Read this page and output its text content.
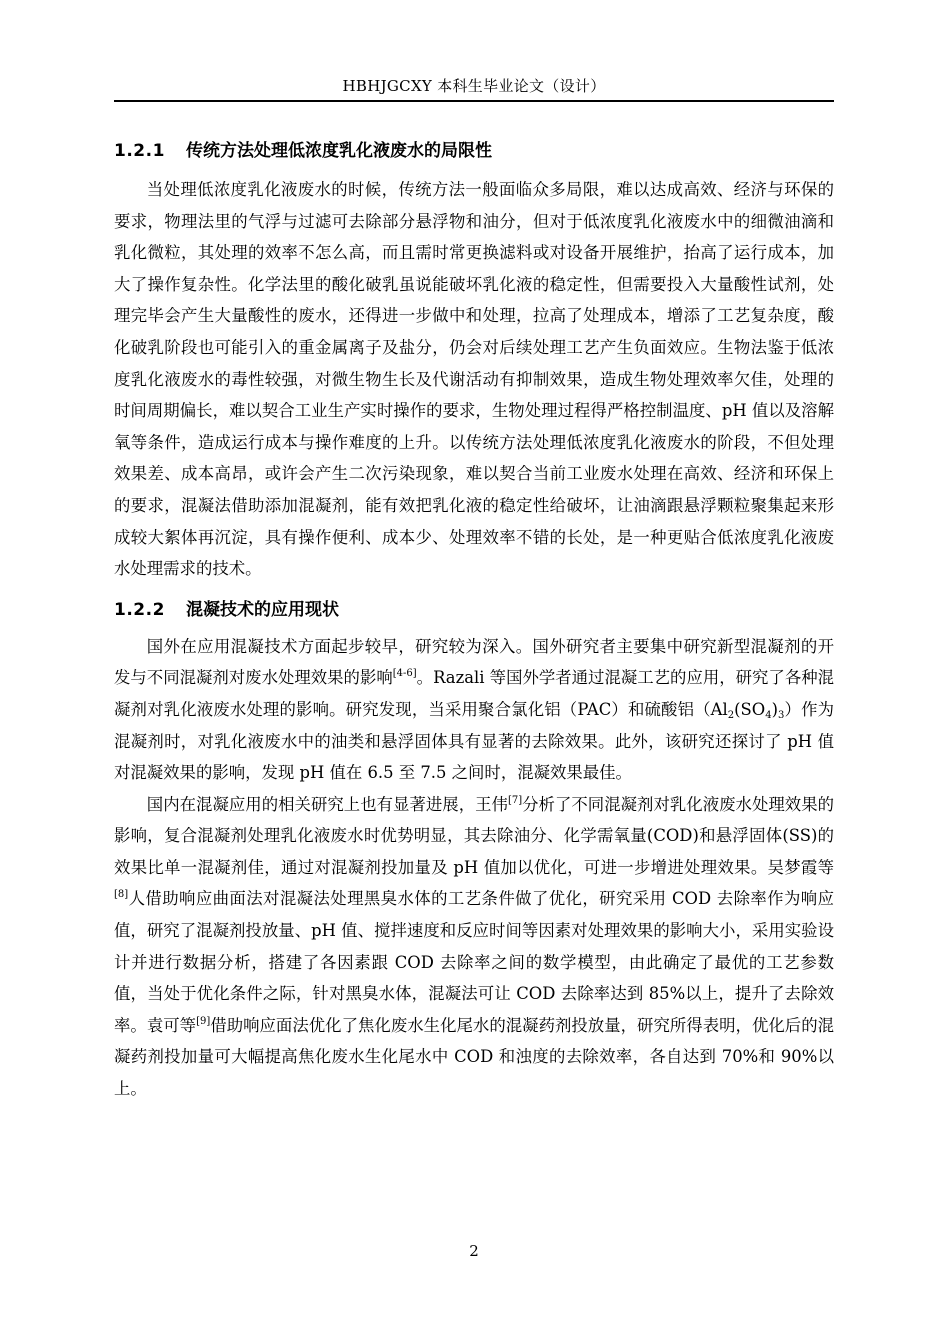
HBHJGCXY 本科生毕业论文（设计）
1.2.1 传统方法处理低浓度乳化液废水的局限性

当处理低浓度乳化液废水的时候，传统方法一般面临众多局限，难以达成高效、经济与环保的要求，物理法里的气浮与过滤可去除部分悬浮物和油分，但对于低浓度乳化液废水中的细微油滴和乳化微粒，其处理的效率不怎么高，而且需时常更换滤料或对设备开展维护，抬高了运行成本，加大了操作复杂性。化学法里的酸化破乳虽说能破坏乳化液的稳定性，但需要投入大量酸性试剂，处理完毕会产生大量酸性的废水，还得进一步做中和处理，拉高了处理成本，增添了工艺复杂度，酸化破乳阶段也可能引入的重金属离子及盐分，仍会对后续处理工艺产生负面效应。生物法鉴于低浓度乳化液废水的毒性较强，对微生物生长及代谢活动有抑制效果，造成生物处理效率欠佳，处理的时间周期偏长，难以契合工业生产实时操作的要求，生物处理过程得严格控制温度、pH 值以及溶解氧等条件，造成运行成本与操作难度的上升。以传统方法处理低浓度乳化液废水的阶段，不但处理效果差、成本高昂，或许会产生二次污染现象，难以契合当前工业废水处理在高效、经济和环保上的要求，混凝法借助添加混凝剂，能有效把乳化液的稳定性给破坏，让油滴跟悬浮颗粒聚集起来形成较大絮体再沉淀，具有操作便利、成本少、处理效率不错的长处，是一种更贴合低浓度乳化液废水处理需求的技术。

1.2.2 混凝技术的应用现状

国外在应用混凝技术方面起步较早，研究较为深入。国外研究者主要集中研究新型混凝剂的开发与不同混凝剂对废水处理效果的影响[4-6]。Razali 等国外学者通过混凝工艺的应用，研究了各种混凝剂对乳化液废水处理的影响。研究发现，当采用聚合氯化铝（PAC）和硫酸铝$(Al_2(SO_4)_3)$作为混凝剂时，对乳化液废水中的油类和悬浮固体具有显著的去除效果。此外，该研究还探讨了 pH 值对混凝效果的影响，发现 pH 值在 6.5 至 7.5 之间时，混凝效果最佳。

国内在混凝应用的相关研究上也有显著进展，王伟[7]分析了不同混凝剂对乳化液废水处理效果的影响，复合混凝剂处理乳化液废水时优势明显，其去除油分、化学需氧量(COD)和悬浮固体(SS)的效果比单一混凝剂佳，通过对混凝剂投加量及 pH 值加以优化，可进一步增进处理效果。吴梦霞等[8]人借助响应曲面法对混凝法处理黑臭水体的工艺条件做了优化，研究采用 COD 去除率作为响应值，研究了混凝剂投放量、pH 值、搅拌速度和反应时间等因素对处理效果的影响大小，采用实验设计并进行数据分析，搭建了各因素跟 COD 去除率之间的数学模型，由此确定了最优的工艺参数值，当处于优化条件之际，针对黑臭水体，混凝法可让 COD 去除率达到 85%以上，提升了去除效率。袁可等[9]借助响应面法优化了焦化废水生化尾水的混凝药剂投放量，研究所得表明，优化后的混凝药剂投加量可大幅提高焦化废水生化尾水中 COD 和浊度的去除效率，各自达到 70%和 90%以上。

2
